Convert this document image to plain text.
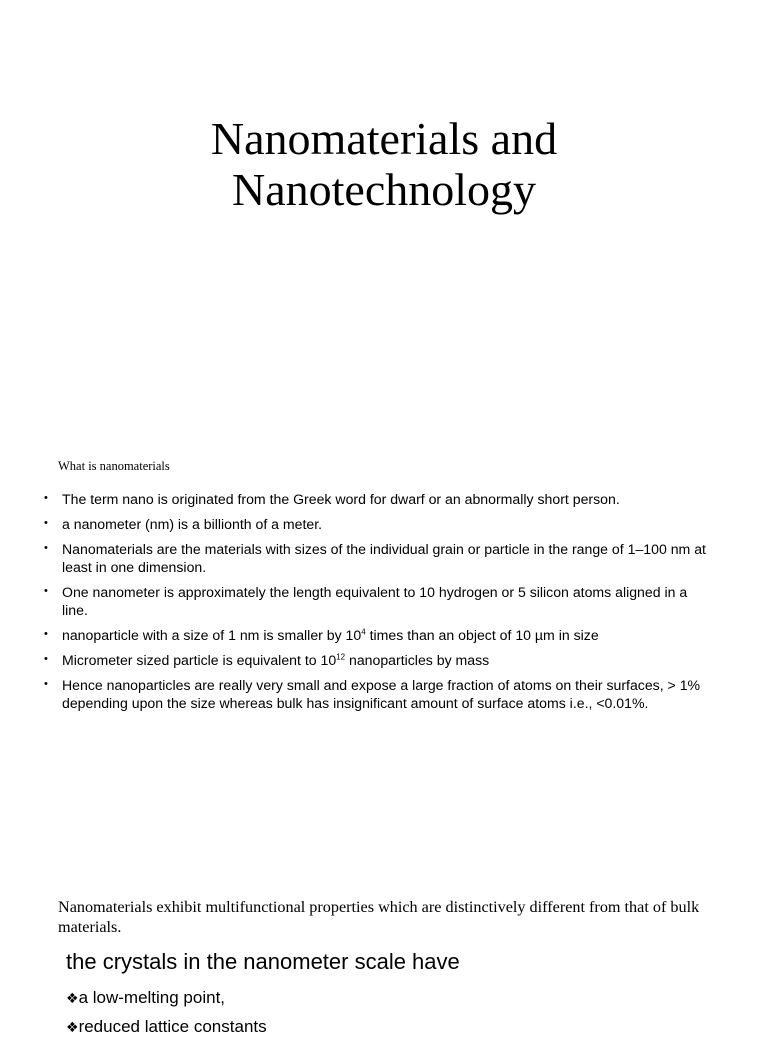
Nanomaterials and
Nanotechnology
What is nanomaterials
• The term nano is originated from the Greek word for dwarf or an abnormally short person.
• a nanometer (nm) is a billionth of a meter.
• Nanomaterials are the materials with sizes of the individual grain or particle in the range of 1–100 nm at least in one dimension.
• One nanometer is approximately the length equivalent to 10 hydrogen or 5 silicon atoms aligned in a line.
• nanoparticle with a size of 1 nm is smaller by $10^4$ times than an object of 10 µm in size
• Micrometer sized particle is equivalent to $10^{12}$ nanoparticles by mass
• Hence nanoparticles are really very small and expose a large fraction of atoms on their surfaces, > 1% depending upon the size whereas bulk has insignificant amount of surface atoms i.e., <0.01%.

Nanomaterials exhibit multifunctional properties which are distinctively different from that of bulk materials.

the crystals in the nanometer scale have
❖a low-melting point,
❖reduced lattice constants
